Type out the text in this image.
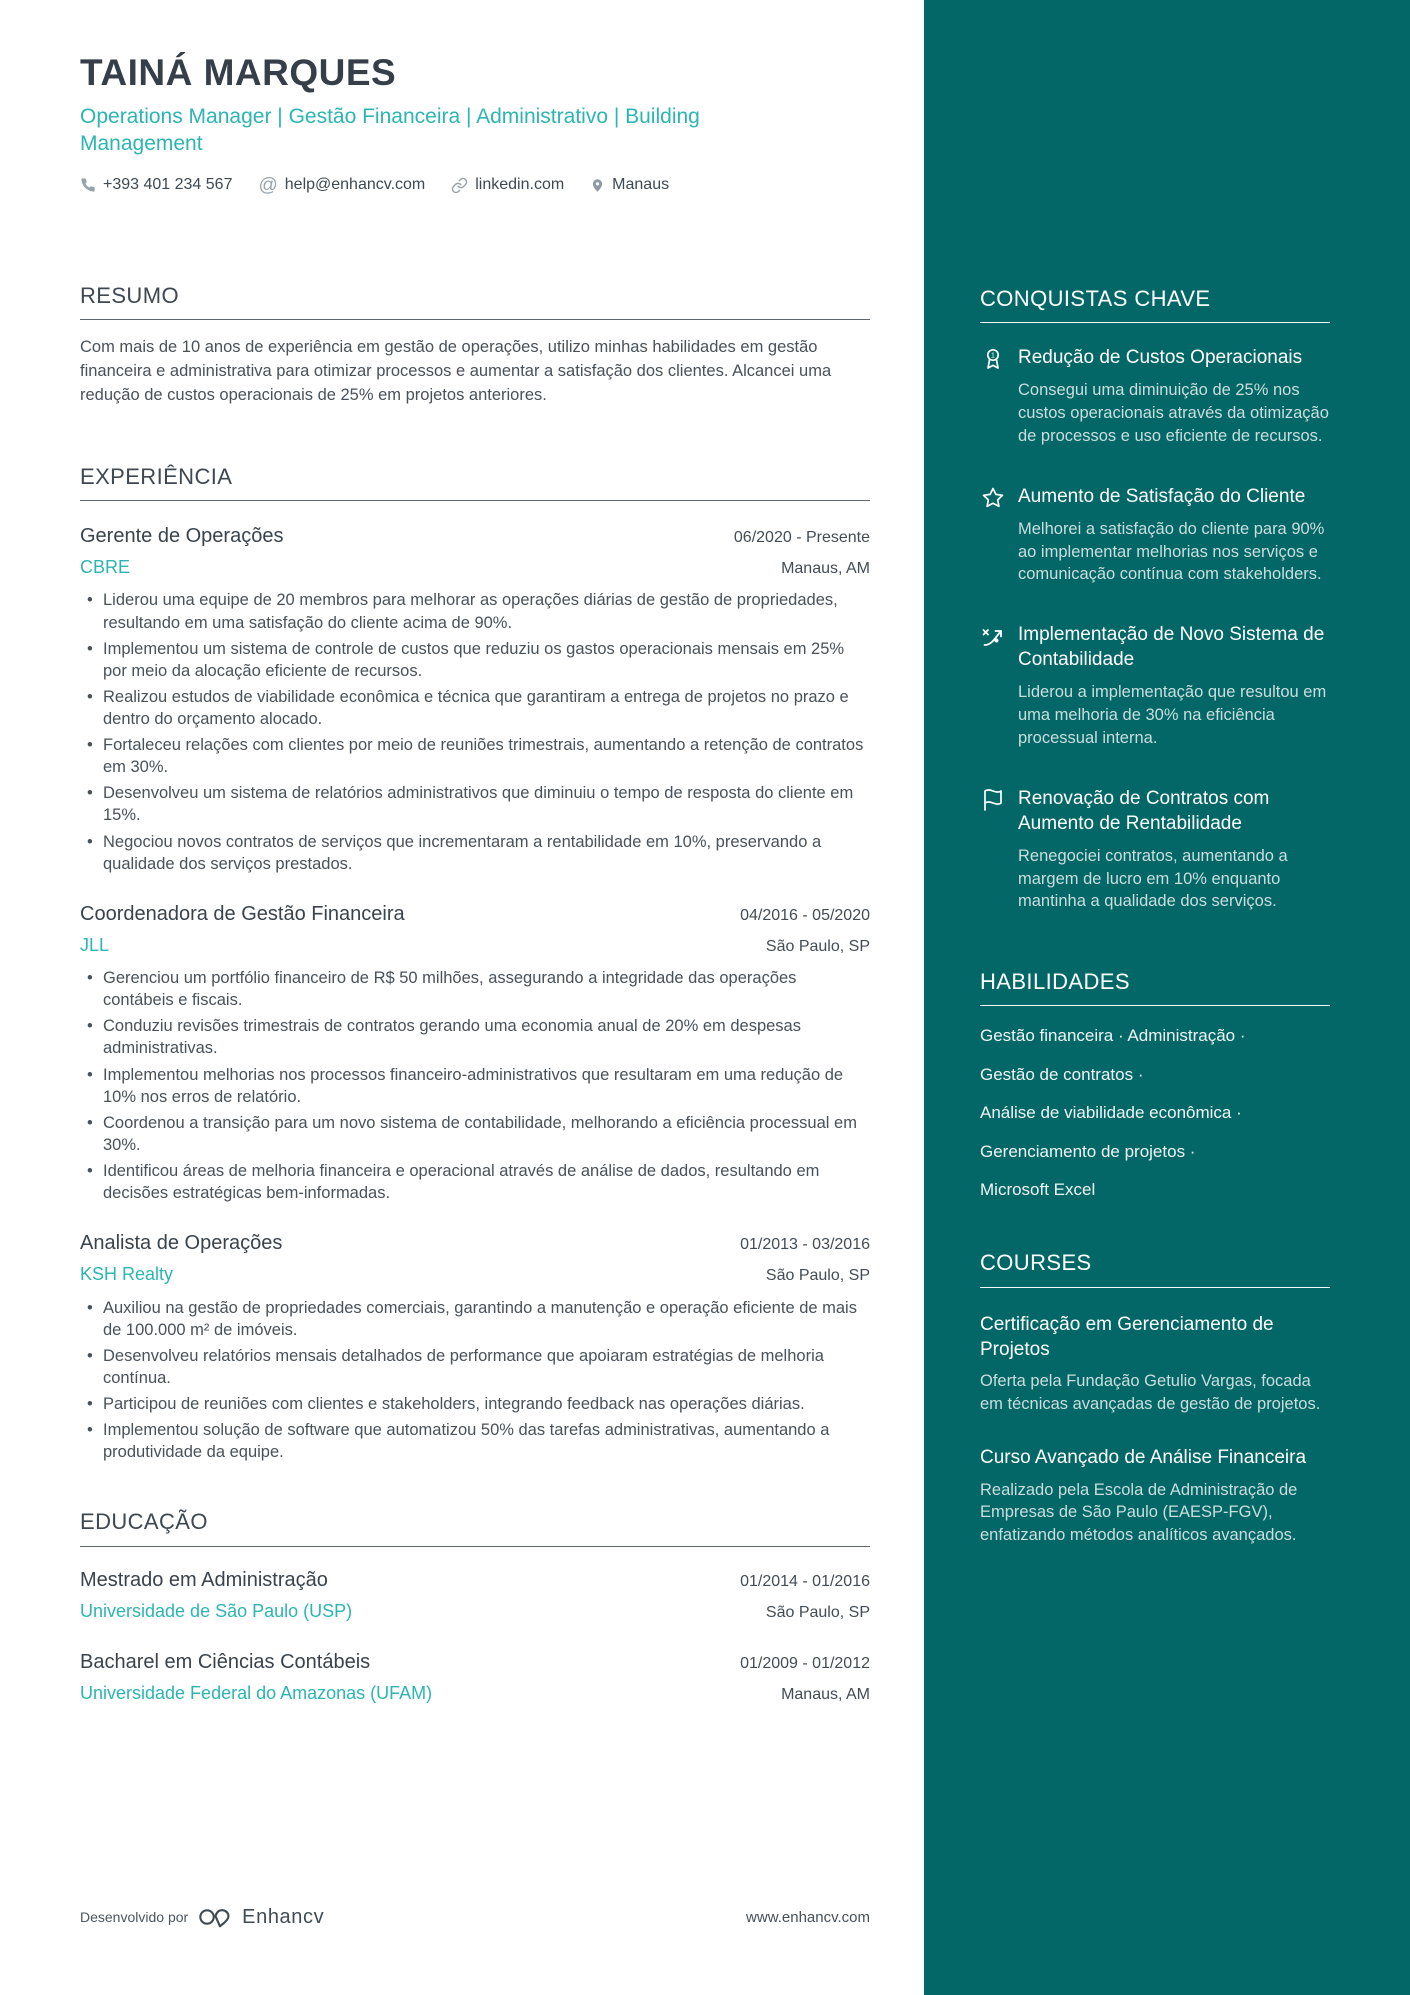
TAINÁ MARQUES
Operations Manager | Gestão Financeira | Administrativo | Building Management
+393 401 234 567 @ help@enhancv.com	linkedin.com	Manaus
RESUMO
Com mais de 10 anos de experiência em gestão de operações, utilizo minhas habilidades em gestão financeira e administrativa para otimizar processos e aumentar a satisfação dos clientes. Alcancei uma redução de custos operacionais de 25% em projetos anteriores.
EXPERIÊNCIA
Gerente de Operações	06/2020 - Presente
CBRE	Manaus, AM
• Liderou uma equipe de 20 membros para melhorar as operações diárias de gestão de propriedades, resultando em uma satisfação do cliente acima de 90%.
• Implementou um sistema de controle de custos que reduziu os gastos operacionais mensais em 25% por meio da alocação eficiente de recursos.
• Realizou estudos de viabilidade econômica e técnica que garantiram a entrega de projetos no prazo e dentro do orçamento alocado.
• Fortaleceu relações com clientes por meio de reuniões trimestrais, aumentando a retenção de contratos em 30%.
• Desenvolveu um sistema de relatórios administrativos que diminuiu o tempo de resposta do cliente em 15%.
• Negociou novos contratos de serviços que incrementaram a rentabilidade em 10%, preservando a qualidade dos serviços prestados.
Coordenadora de Gestão Financeira	04/2016 - 05/2020
JLL	São Paulo, SP
• Gerenciou um portfólio financeiro de R$ 50 milhões, assegurando a integridade das operações contábeis e fiscais.
• Conduziu revisões trimestrais de contratos gerando uma economia anual de 20% em despesas administrativas.
• Implementou melhorias nos processos financeiro-administrativos que resultaram em uma redução de 10% nos erros de relatório.
• Coordenou a transição para um novo sistema de contabilidade, melhorando a eficiência processual em 30%.
• Identificou áreas de melhoria financeira e operacional através de análise de dados, resultando em decisões estratégicas bem-informadas.
Analista de Operações	01/2013 - 03/2016
KSH Realty	São Paulo, SP
• Auxiliou na gestão de propriedades comerciais, garantindo a manutenção e operação eficiente de mais de 100.000 m² de imóveis.
• Desenvolveu relatórios mensais detalhados de performance que apoiaram estratégias de melhoria contínua.
• Participou de reuniões com clientes e stakeholders, integrando feedback nas operações diárias.
• Implementou solução de software que automatizou 50% das tarefas administrativas, aumentando a produtividade da equipe.
EDUCAÇÃO
Mestrado em Administração	01/2014 - 01/2016
Universidade de São Paulo (USP)	São Paulo, SP
Bacharel em Ciências Contábeis	01/2009 - 01/2012
Universidade Federal do Amazonas (UFAM)	Manaus, AM
CONQUISTAS CHAVE
1 Redução de Custos Operacionais
Consegui uma diminuição de 25% nos custos operacionais através da otimização de processos e uso eficiente de recursos.
Aumento de Satisfação do Cliente
Melhorei a satisfação do cliente para 90% ao implementar melhorias nos serviços e comunicação contínua com stakeholders.
Implementação de Novo Sistema de Contabilidade
Liderou a implementação que resultou em uma melhoria de 30% na eficiência processual interna.
Renovação de Contratos com Aumento de Rentabilidade
Renegociei contratos, aumentando a margem de lucro em 10% enquanto mantinha a qualidade dos serviços.
HABILIDADES
Gestão financeira · Administração ·
Gestão de contratos ·
Análise de viabilidade econômica ·
Gerenciamento de projetos ·
Microsoft Excel
COURSES
Certificação em Gerenciamento de Projetos
Oferta pela Fundação Getulio Vargas, focada em técnicas avançadas de gestão de projetos.
Curso Avançado de Análise Financeira
Realizado pela Escola de Administração de Empresas de São Paulo (EAESP-FGV), enfatizando métodos analíticos avançados.
Desenvolvido por	Enhancv	www.enhancv.com
